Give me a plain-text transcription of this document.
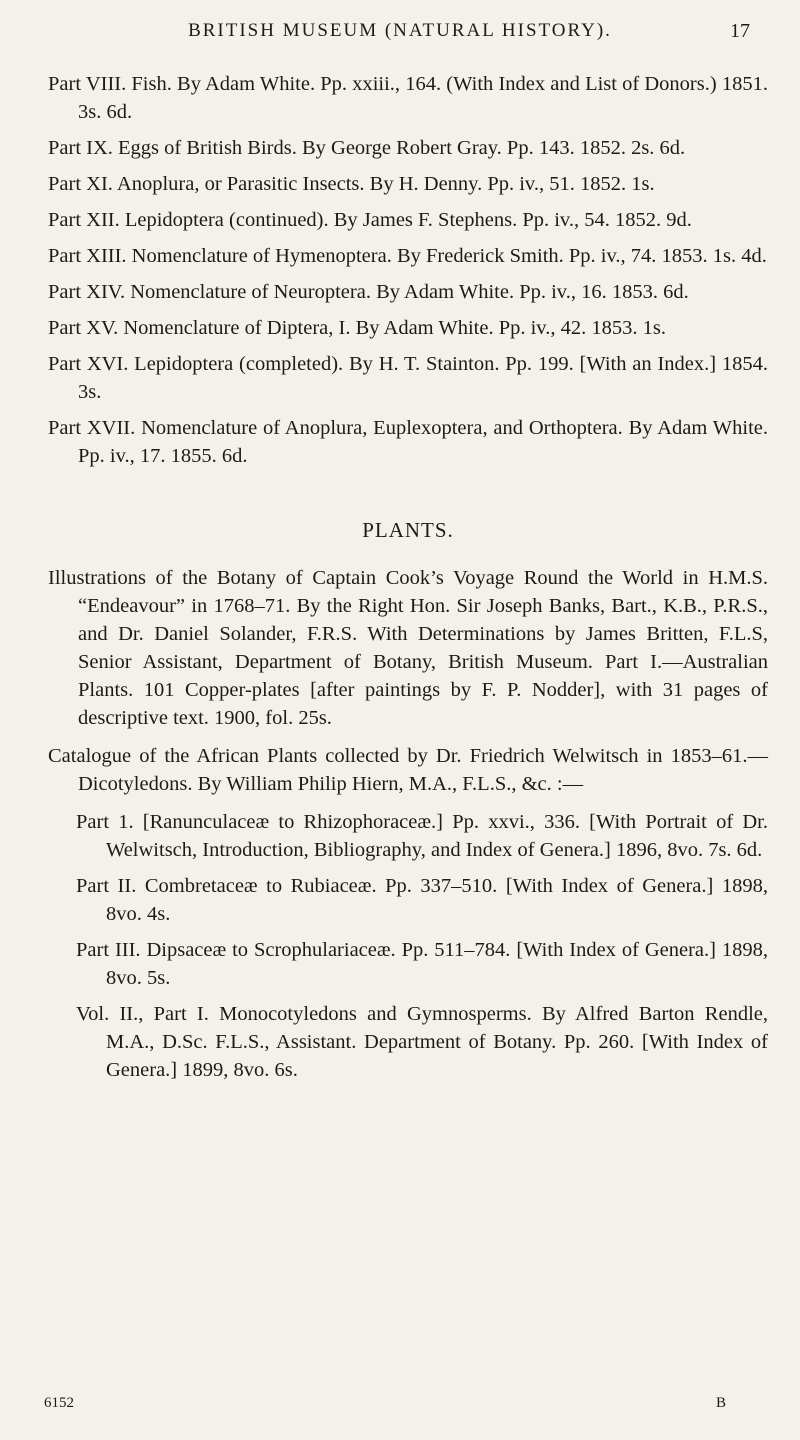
BRITISH MUSEUM (NATURAL HISTORY).	17

Part VIII. Fish. By Adam White. Pp. xxiii., 164. (With Index and List of Donors.) 1851. 3s. 6d.

Part IX. Eggs of British Birds. By George Robert Gray. Pp. 143. 1852. 2s. 6d.

Part XI. Anoplura, or Parasitic Insects. By H. Denny. Pp. iv., 51. 1852. 1s.

Part XII. Lepidoptera (continued). By James F. Stephens. Pp. iv., 54. 1852. 9d.

Part XIII. Nomenclature of Hymenoptera. By Frederick Smith. Pp. iv., 74. 1853. 1s. 4d.

Part XIV. Nomenclature of Neuroptera. By Adam White. Pp. iv., 16. 1853. 6d.

Part XV. Nomenclature of Diptera, I. By Adam White. Pp. iv., 42. 1853. 1s.

Part XVI. Lepidoptera (completed). By H. T. Stainton. Pp. 199. [With an Index.] 1854. 3s.

Part XVII. Nomenclature of Anoplura, Euplexoptera, and Orthoptera. By Adam White. Pp. iv., 17. 1855. 6d.

PLANTS.

Illustrations of the Botany of Captain Cook’s Voyage Round the World in H.M.S. “Endeavour” in 1768–71. By the Right Hon. Sir Joseph Banks, Bart., K.B., P.R.S., and Dr. Daniel Solander, F.R.S. With Determinations by James Britten, F.L.S, Senior Assistant, Department of Botany, British Museum. Part I.—Australian Plants. 101 Copper-plates [after paintings by F. P. Nodder], with 31 pages of descriptive text. 1900, fol. 25s.

Catalogue of the African Plants collected by Dr. Friedrich Welwitsch in 1853–61.—Dicotyledons. By William Philip Hiern, M.A., F.L.S., &c. :—

Part 1. [Ranunculaceæ to Rhizophoraceæ.] Pp. xxvi., 336. [With Portrait of Dr. Welwitsch, Introduction, Bibliography, and Index of Genera.] 1896, 8vo. 7s. 6d.

Part II. Combretaceæ to Rubiaceæ. Pp. 337–510. [With Index of Genera.] 1898, 8vo. 4s.

Part III. Dipsaceæ to Scrophulariaceæ. Pp. 511–784. [With Index of Genera.] 1898, 8vo. 5s.

Vol. II., Part I. Monocotyledons and Gymnosperms. By Alfred Barton Rendle, M.A., D.Sc. F.L.S., Assistant. Department of Botany. Pp. 260. [With Index of Genera.] 1899, 8vo. 6s.

6152	B
